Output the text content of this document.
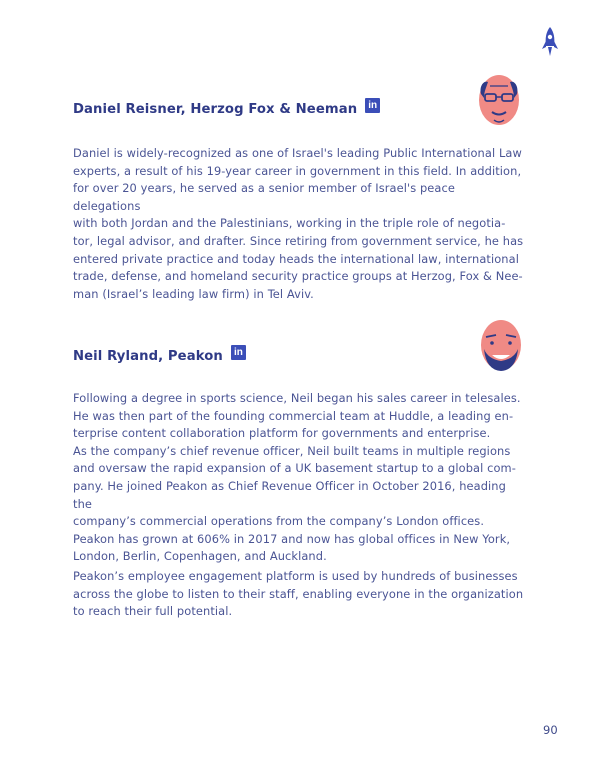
Daniel Reisner, Herzog Fox & Neeman	in

Daniel is widely-recognized as one of Israel's leading Public International Law

experts, a result of his 19-year career in government in this field. In addition,

for over 20 years, he served as a senior member of Israel's peace delegations

with both Jordan and the Palestinians, working in the triple role of negotia-

tor, legal advisor, and drafter. Since retiring from government service, he has

entered private practice and today heads the international law, international

trade, defense, and homeland security practice groups at Herzog, Fox & Nee-

man (Israel’s leading law firm) in Tel Aviv.

Neil Ryland, Peakon	in

Following a degree in sports science, Neil began his sales career in telesales.

He was then part of the founding commercial team at Huddle, a leading en-

terprise content collaboration platform for governments and enterprise.

As the company’s chief revenue officer, Neil built teams in multiple regions

and oversaw the rapid expansion of a UK basement startup to a global com-

pany. He joined Peakon as Chief Revenue Officer in October 2016, heading the

company’s commercial operations from the company’s London offices.

Peakon has grown at 606% in 2017 and now has global offices in New York,

London, Berlin, Copenhagen, and Auckland.

Peakon’s employee engagement platform is used by hundreds of businesses

across the globe to listen to their staff, enabling everyone in the organization

to reach their full potential.

90
